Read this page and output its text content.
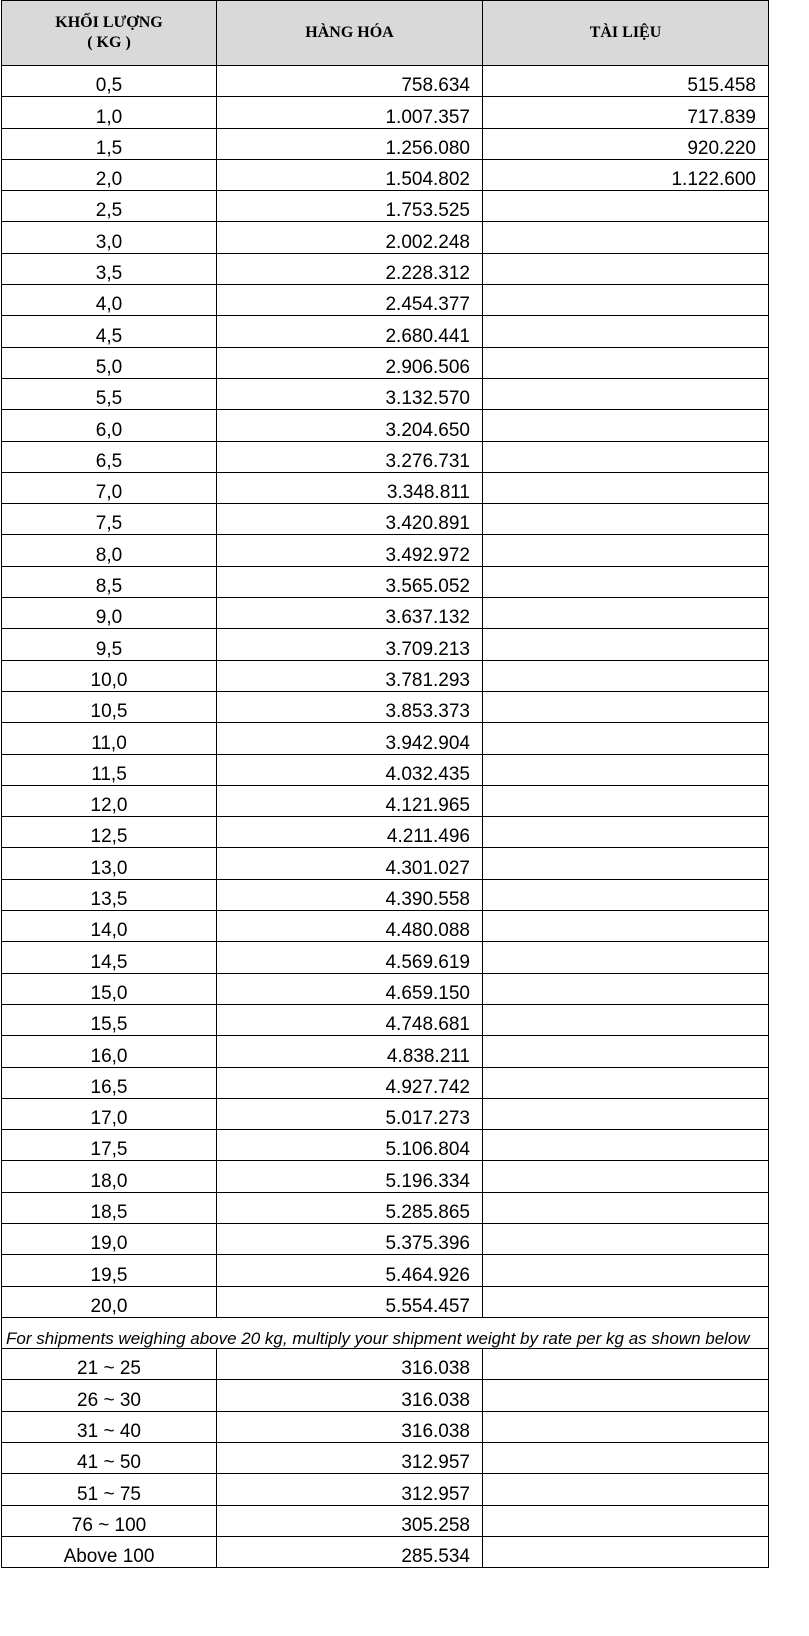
KHỐI LƯỢNG
( KG )	HÀNG HÓA	TÀI LIỆU
0,5	758.634	515.458
1,0	1.007.357	717.839
1,5	1.256.080	920.220
2,0	1.504.802	1.122.600
2,5	1.753.525	
3,0	2.002.248	
3,5	2.228.312	
4,0	2.454.377	
4,5	2.680.441	
5,0	2.906.506	
5,5	3.132.570	
6,0	3.204.650	
6,5	3.276.731	
7,0	3.348.811	
7,5	3.420.891	
8,0	3.492.972	
8,5	3.565.052	
9,0	3.637.132	
9,5	3.709.213	
10,0	3.781.293	
10,5	3.853.373	
11,0	3.942.904	
11,5	4.032.435	
12,0	4.121.965	
12,5	4.211.496	
13,0	4.301.027	
13,5	4.390.558	
14,0	4.480.088	
14,5	4.569.619	
15,0	4.659.150	
15,5	4.748.681	
16,0	4.838.211	
16,5	4.927.742	
17,0	5.017.273	
17,5	5.106.804	
18,0	5.196.334	
18,5	5.285.865	
19,0	5.375.396	
19,5	5.464.926	
20,0	5.554.457	
For shipments weighing above 20 kg, multiply your shipment weight by rate per kg as shown below		
21 ~ 25	316.038	
26 ~ 30	316.038	
31 ~ 40	316.038	
41 ~ 50	312.957	
51 ~ 75	312.957	
76 ~ 100	305.258	
Above 100	285.534	
